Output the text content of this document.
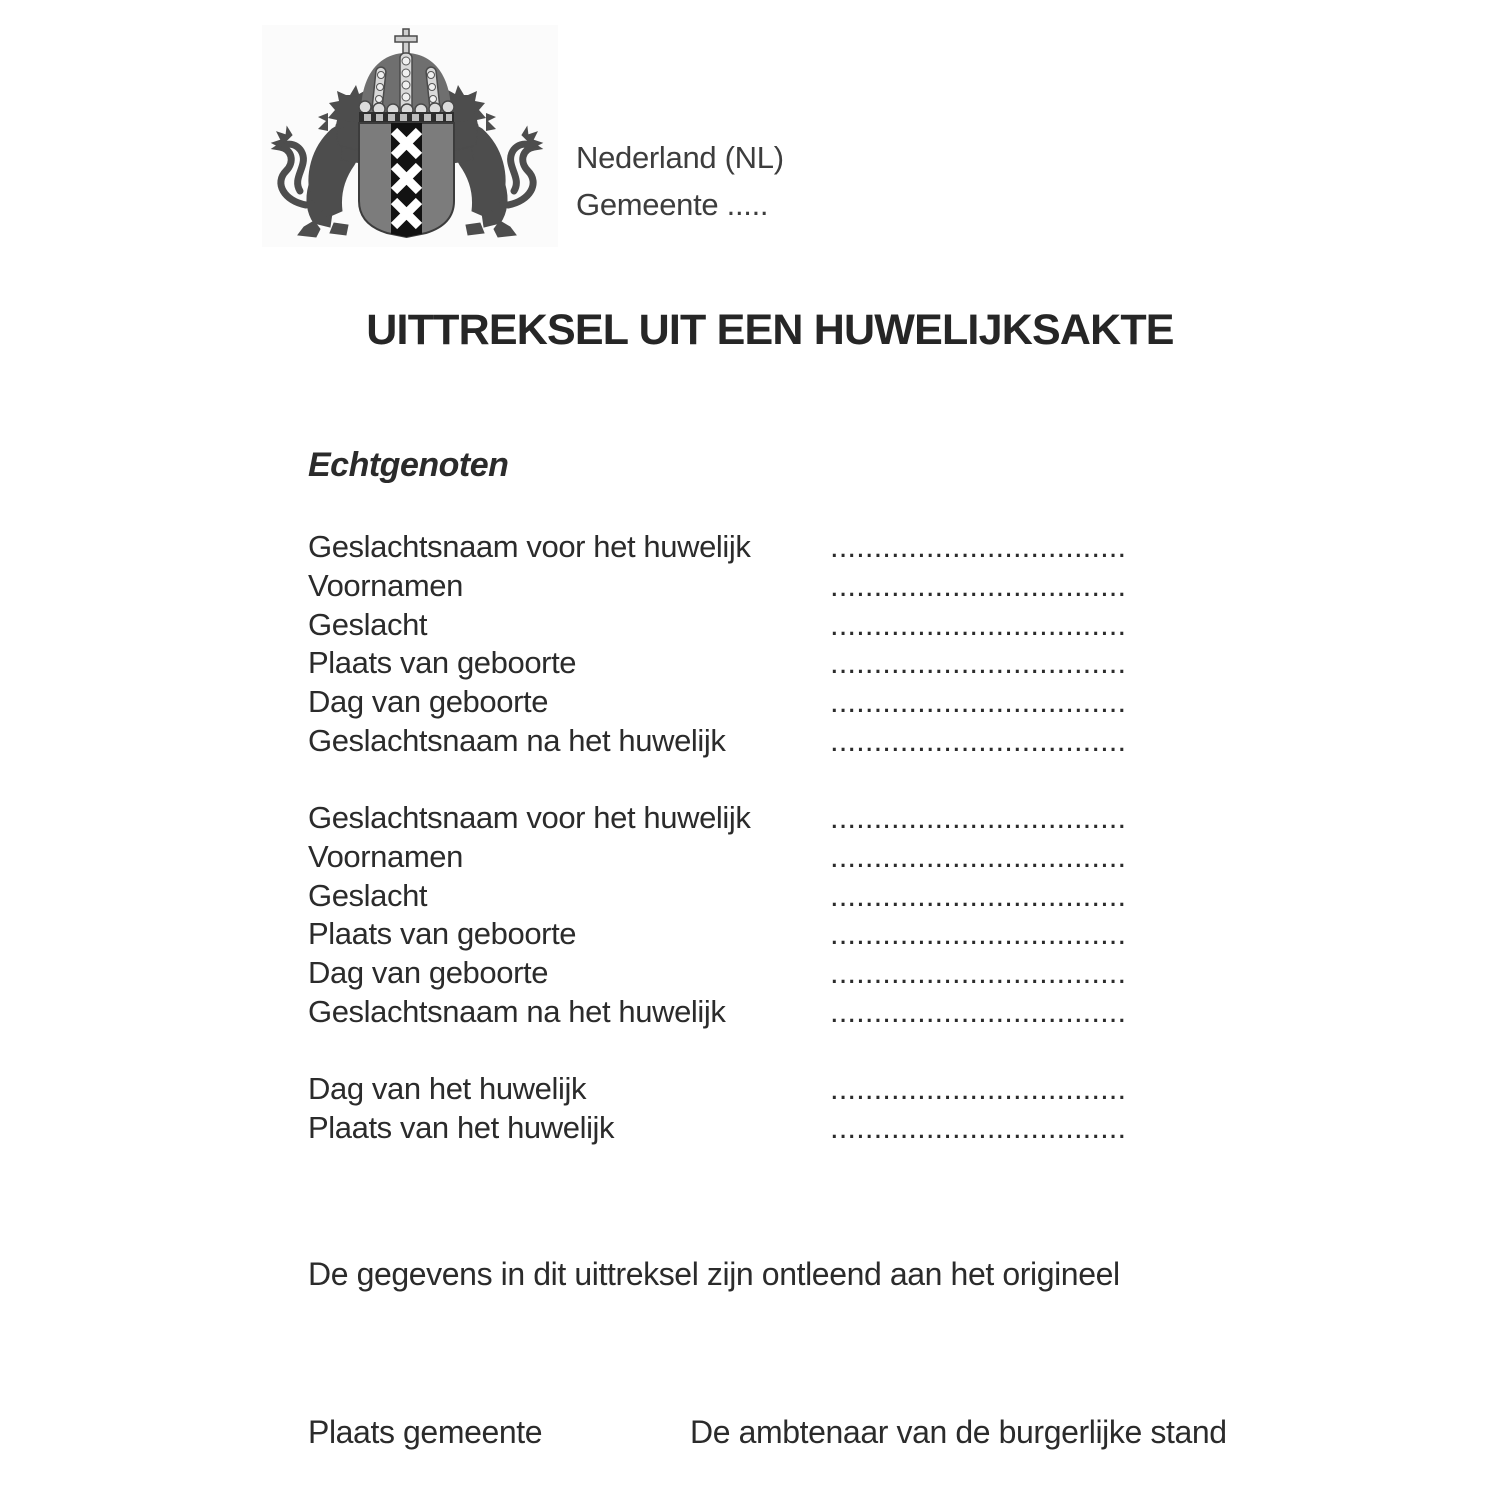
Nederland (NL)
Gemeente .....
UITTREKSEL UIT EEN HUWELIJKSAKTE
Echtgenoten
Geslachtsnaam voor het huwelijk	..................................
Voornamen	..................................
Geslacht	..................................
Plaats van geboorte	..................................
Dag van geboorte	..................................
Geslachtsnaam na het huwelijk	..................................
Geslachtsnaam voor het huwelijk	..................................
Voornamen	..................................
Geslacht	..................................
Plaats van geboorte	..................................
Dag van geboorte	..................................
Geslachtsnaam na het huwelijk	..................................
Dag van het huwelijk	..................................
Plaats van het huwelijk	..................................
De gegevens in dit uittreksel zijn ontleend aan het origineel
Plaats gemeente	De ambtenaar van de burgerlijke stand
